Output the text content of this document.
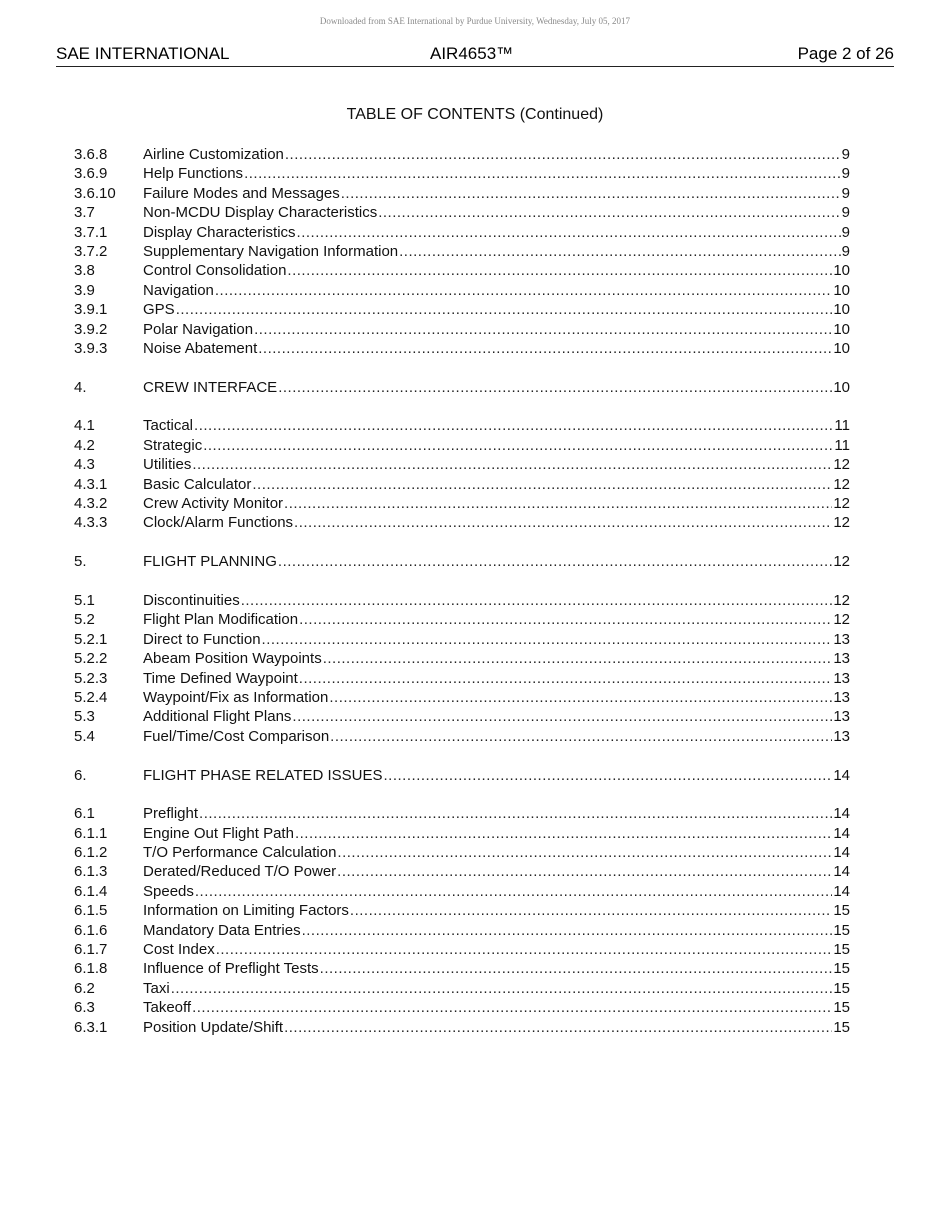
Downloaded from SAE International by Purdue University, Wednesday, July 05, 2017
SAE INTERNATIONAL	AIR4653™	Page 2 of 26
TABLE OF CONTENTS (Continued)
3.6.8	Airline Customization .....	9
3.6.9	Help Functions .....	9
3.6.10	Failure Modes and Messages .....	9
3.7	Non-MCDU Display Characteristics .....	9
3.7.1	Display Characteristics .....	9
3.7.2	Supplementary Navigation Information .....	9
3.8	Control Consolidation .....	10
3.9	Navigation .....	10
3.9.1	GPS .....	10
3.9.2	Polar Navigation .....	10
3.9.3	Noise Abatement .....	10
4.	CREW INTERFACE .....	10
4.1	Tactical .....	11
4.2	Strategic .....	11
4.3	Utilities .....	12
4.3.1	Basic Calculator .....	12
4.3.2	Crew Activity Monitor .....	12
4.3.3	Clock/Alarm Functions .....	12
5.	FLIGHT PLANNING .....	12
5.1	Discontinuities .....	12
5.2	Flight Plan Modification .....	12
5.2.1	Direct to Function .....	13
5.2.2	Abeam Position Waypoints .....	13
5.2.3	Time Defined Waypoint .....	13
5.2.4	Waypoint/Fix as Information .....	13
5.3	Additional Flight Plans .....	13
5.4	Fuel/Time/Cost Comparison .....	13
6.	FLIGHT PHASE RELATED ISSUES .....	14
6.1	Preflight .....	14
6.1.1	Engine Out Flight Path .....	14
6.1.2	T/O Performance Calculation .....	14
6.1.3	Derated/Reduced T/O Power .....	14
6.1.4	Speeds .....	14
6.1.5	Information on Limiting Factors .....	15
6.1.6	Mandatory Data Entries .....	15
6.1.7	Cost Index .....	15
6.1.8	Influence of Preflight Tests .....	15
6.2	Taxi .....	15
6.3	Takeoff .....	15
6.3.1	Position Update/Shift .....	15
